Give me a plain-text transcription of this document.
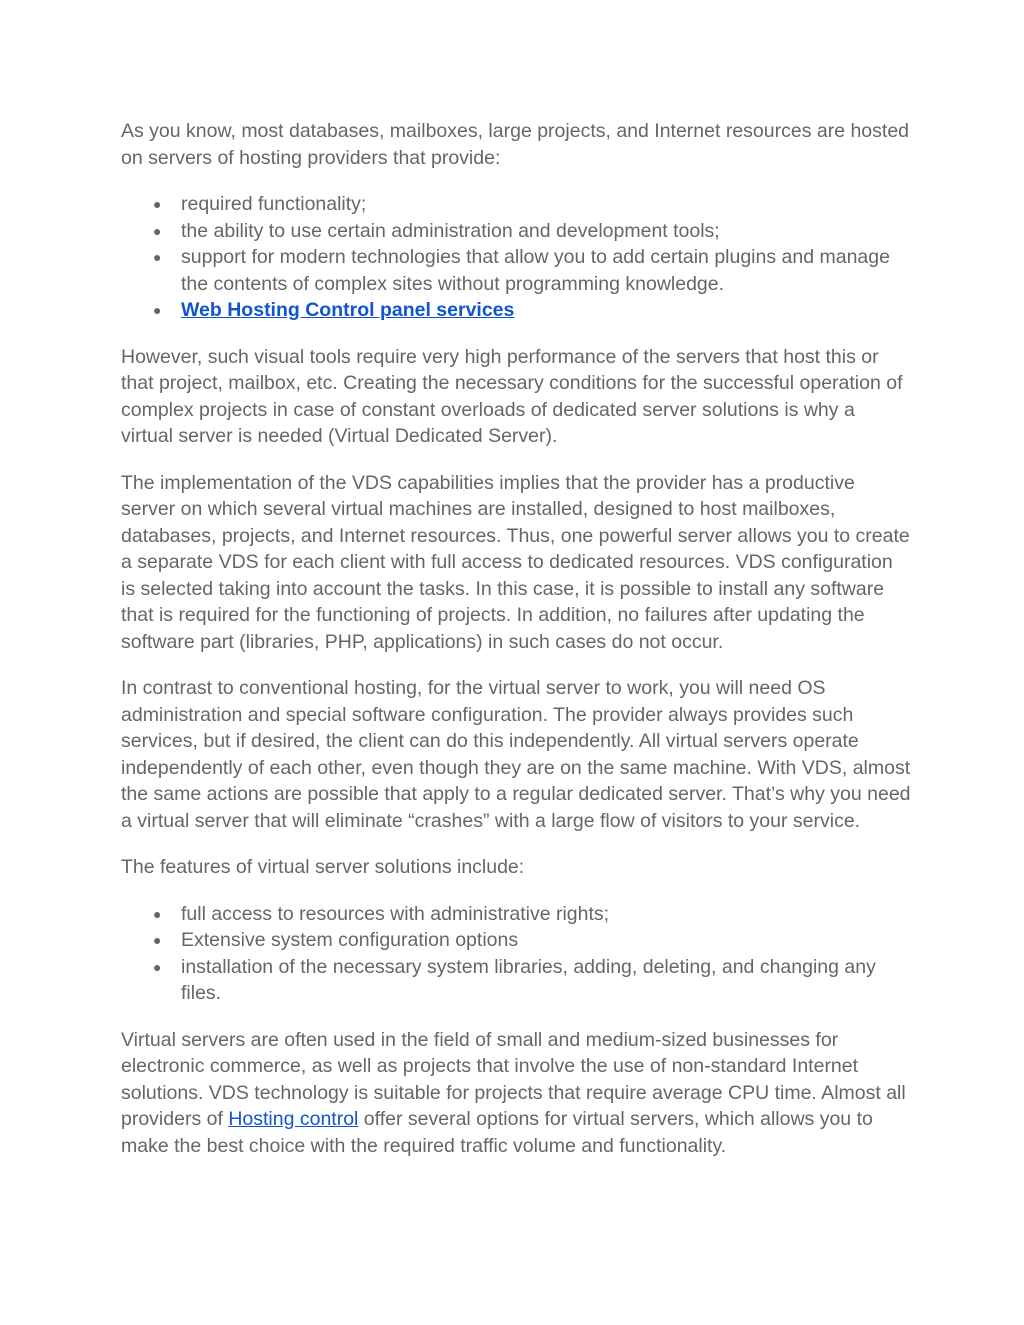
As you know, most databases, mailboxes, large projects, and Internet resources are hosted on servers of hosting providers that provide:

● required functionality;
● the ability to use certain administration and development tools;
● support for modern technologies that allow you to add certain plugins and manage the contents of complex sites without programming knowledge.
● Web Hosting Control panel services

However, such visual tools require very high performance of the servers that host this or that project, mailbox, etc. Creating the necessary conditions for the successful operation of complex projects in case of constant overloads of dedicated server solutions is why a virtual server is needed (Virtual Dedicated Server).

The implementation of the VDS capabilities implies that the provider has a productive server on which several virtual machines are installed, designed to host mailboxes, databases, projects, and Internet resources. Thus, one powerful server allows you to create a separate VDS for each client with full access to dedicated resources. VDS configuration is selected taking into account the tasks. In this case, it is possible to install any software that is required for the functioning of projects. In addition, no failures after updating the software part (libraries, PHP, applications) in such cases do not occur.

In contrast to conventional hosting, for the virtual server to work, you will need OS administration and special software configuration. The provider always provides such services, but if desired, the client can do this independently. All virtual servers operate independently of each other, even though they are on the same machine. With VDS, almost the same actions are possible that apply to a regular dedicated server. That’s why you need a virtual server that will eliminate “crashes” with a large flow of visitors to your service.

The features of virtual server solutions include:

● full access to resources with administrative rights;
● Extensive system configuration options
● installation of the necessary system libraries, adding, deleting, and changing any files.

Virtual servers are often used in the field of small and medium-sized businesses for electronic commerce, as well as projects that involve the use of non-standard Internet solutions. VDS technology is suitable for projects that require average CPU time. Almost all providers of Hosting control offer several options for virtual servers, which allows you to make the best choice with the required traffic volume and functionality.
